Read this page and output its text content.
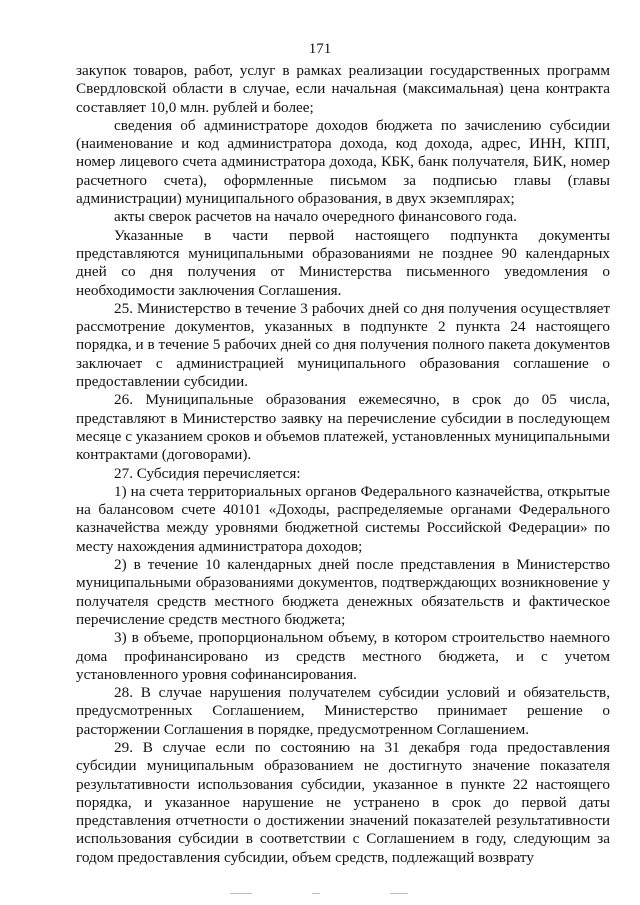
171

закупок товаров, работ, услуг в рамках реализации государственных программ Свердловской области в случае, если начальная (максимальная) цена контракта составляет 10,0 млн. рублей и более;

сведения об администраторе доходов бюджета по зачислению субсидии (наименование и код администратора дохода, код дохода, адрес, ИНН, КПП, номер лицевого счета администратора дохода, КБК, банк получателя, БИК, номер расчетного счета), оформленные письмом за подписью главы (главы администрации) муниципального образования, в двух экземплярах;

акты сверок расчетов на начало очередного финансового года.

Указанные в части первой настоящего подпункта документы представляются муниципальными образованиями не позднее 90 календарных дней со дня получения от Министерства письменного уведомления о необходимости заключения Соглашения.

25. Министерство в течение 3 рабочих дней со дня получения осуществляет рассмотрение документов, указанных в подпункте 2 пункта 24 настоящего порядка, и в течение 5 рабочих дней со дня получения полного пакета документов заключает с администрацией муниципального образования соглашение о предоставлении субсидии.

26. Муниципальные образования ежемесячно, в срок до 05 числа, представляют в Министерство заявку на перечисление субсидии в последующем месяце с указанием сроков и объемов платежей, установленных муниципальными контрактами (договорами).

27. Субсидия перечисляется:

1) на счета территориальных органов Федерального казначейства, открытые на балансовом счете 40101 «Доходы, распределяемые органами Федерального казначейства между уровнями бюджетной системы Российской Федерации» по месту нахождения администратора доходов;

2) в течение 10 календарных дней после представления в Министерство муниципальными образованиями документов, подтверждающих возникновение у получателя средств местного бюджета денежных обязательств и фактическое перечисление средств местного бюджета;

3) в объеме, пропорциональном объему, в котором строительство наемного дома профинансировано из средств местного бюджета, и с учетом установленного уровня софинансирования.

28. В случае нарушения получателем субсидии условий и обязательств, предусмотренных Соглашением, Министерство принимает решение о расторжении Соглашения в порядке, предусмотренном Соглашением.

29. В случае если по состоянию на 31 декабря года предоставления субсидии муниципальным образованием не достигнуто значение показателя результативности использования субсидии, указанное в пункте 22 настоящего порядка, и указанное нарушение не устранено в срок до первой даты представления отчетности о достижении значений показателей результативности использования субсидии в соответствии с Соглашением в году, следующим за годом предоставления субсидии, объем средств, подлежащий возврату
